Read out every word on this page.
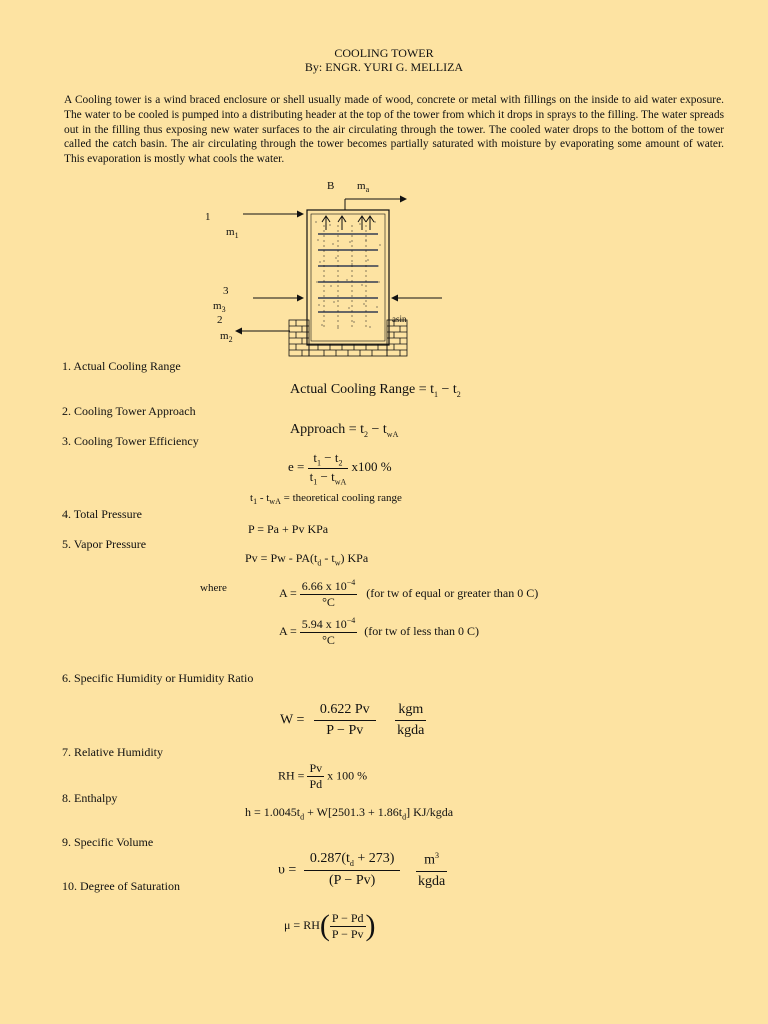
COOLING TOWER
By: ENGR. YURI G. MELLIZA
A Cooling tower is a wind braced enclosure or shell usually made of wood, concrete or metal with fillings on the inside to aid water exposure. The water to be cooled is pumped into a distributing header at the top of the tower from which it drops in sprays to the filling. The water spreads out in the filling thus exposing new water surfaces to the air circulating through the tower. The cooled water drops to the bottom of the tower called the catch basin. The air circulating through the tower becomes partially saturated with moisture by evaporating some amount of water. This evaporation is mostly what cools the water.
B $m_a$
1
$m_1$
3
$m_3$
2
$m_2$
asin
1. Actual Cooling Range
2. Cooling Tower Approach
3. Cooling Tower Efficiency
4. Total Pressure
5. Vapor Pressure
6. Specific Humidity or Humidity Ratio
7. Relative Humidity
8. Enthalpy
9. Specific Volume
10. Degree of Saturation
Actual Cooling Range = $t_1 - t_2$
Approach = $t_2 - t_{wA}$
$e = \frac{t_1 - t_2}{t_1 - t_{wA}} x100$ %
$t_1 - t_{wA}$ = theoretical cooling range
P = Pa + Pv KPa
$Pv = Pw - PA(t_d - t_w)$ KPa
where	$A = \frac{6.66 x 10^{-4}}{^\circ C} (for$ tw of equal or greater than 0 C)
$A = \frac{5.94 x 10^{-4}}{^\circ C} (for$ tw of less than 0 C)
$W = \frac{0.622 Pv}{P - Pv}$
$\frac{\text{kgm}}{\text{kgda}}$
RH = $\frac{Pv}{Pd}$ x 100 %
$h = 1.0045t_d + W[2501.3 + 1.86t_d]$ KJ/kgda
$\upsilon = \frac{0.287(t_d + 273)}{(P - Pv)}$
$\frac{m^3}{\text{kgda}}$
$\mu = RH( \frac{P - Pd}{P - Pv}$ )
